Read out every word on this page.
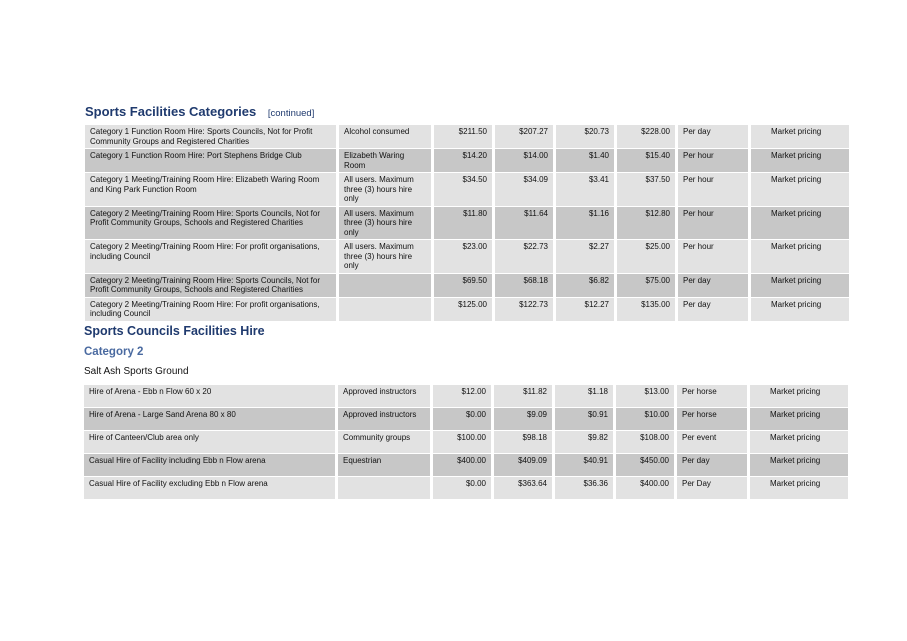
Sports Facilities Categories [continued]
Category 1 Function Room Hire: Sports Councils, Not for Profit Community Groups and Registered Charities	Alcohol consumed	$211.50	$207.27	$20.73	$228.00	Per day	Market pricing
Category 1 Function Room Hire: Port Stephens Bridge Club	Elizabeth Waring Room	$14.20	$14.00	$1.40	$15.40	Per hour	Market pricing
Category 1 Meeting/Training Room Hire: Elizabeth Waring Room and King Park Function Room	All users. Maximum three (3) hours hire only	$34.50	$34.09	$3.41	$37.50	Per hour	Market pricing
Category 2 Meeting/Training Room Hire: Sports Councils, Not for Profit Community Groups, Schools and Registered Charities	All users. Maximum three (3) hours hire only	$11.80	$11.64	$1.16	$12.80	Per hour	Market pricing
Category 2 Meeting/Training Room Hire: For profit organisations, including Council	All users. Maximum three (3) hours hire only	$23.00	$22.73	$2.27	$25.00	Per hour	Market pricing
Category 2 Meeting/Training Room Hire: Sports Councils, Not for Profit Community Groups, Schools and Registered Charities		$69.50	$68.18	$6.82	$75.00	Per day	Market pricing
Category 2 Meeting/Training Room Hire: For profit organisations, including Council		$125.00	$122.73	$12.27	$135.00	Per day	Market pricing
Sports Councils Facilities Hire
Category 2
Salt Ash Sports Ground
Hire of Arena - Ebb n Flow 60 x 20	Approved instructors	$12.00	$11.82	$1.18	$13.00	Per horse	Market pricing
Hire of Arena - Large Sand Arena 80 x 80	Approved instructors	$0.00	$9.09	$0.91	$10.00	Per horse	Market pricing
Hire of Canteen/Club area only	Community groups	$100.00	$98.18	$9.82	$108.00	Per event	Market pricing
Casual Hire of Facility including Ebb n Flow arena	Equestrian	$400.00	$409.09	$40.91	$450.00	Per day	Market pricing
Casual Hire of Facility excluding Ebb n Flow arena		$0.00	$363.64	$36.36	$400.00	Per Day	Market pricing
